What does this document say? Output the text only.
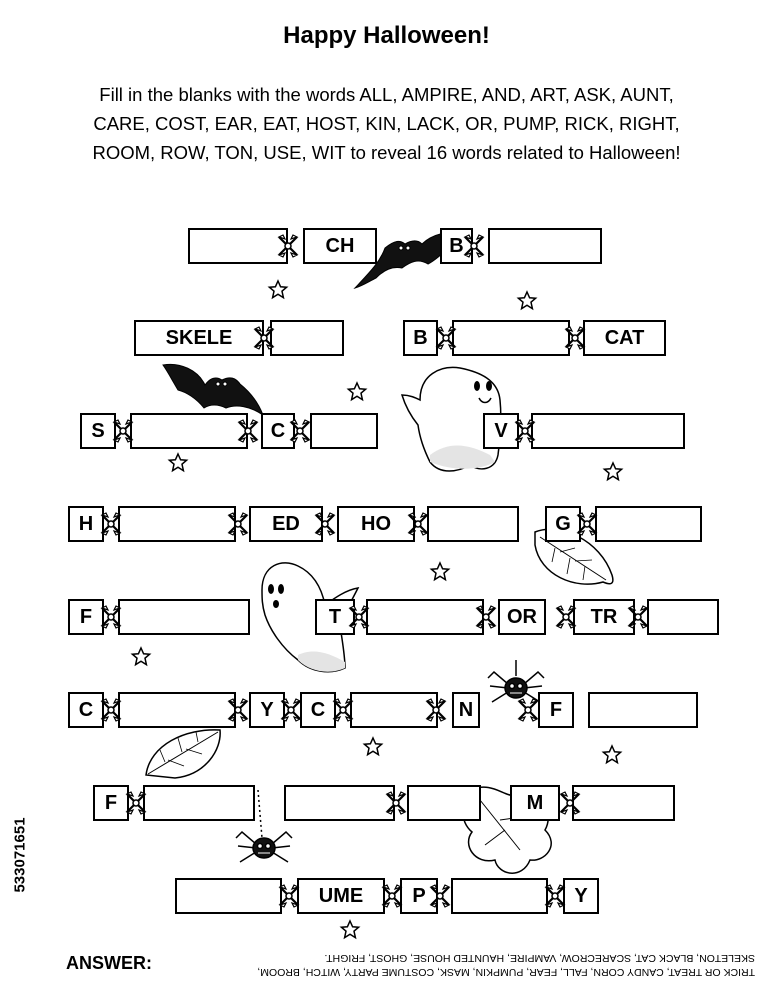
Happy Halloween!
Fill in the blanks with the words ALL, AMPIRE, AND, ART, ASK, AUNT, CARE, COST, EAR, EAT, HOST, KIN, LACK, OR, PUMP, RICK, RIGHT, ROOM, ROW, TON, USE, WIT to reveal 16 words related to Halloween!
CH	B
SKELE	B	CAT
S	C	V
H	ED	HO	G
F	T	OR	TR
C	Y	C	N	F
F	M
UME	P	Y
ANSWER:	TRICK OR TREAT, CANDY CORN, FALL, FEAR, PUMPKIN, MASK, COSTUME PARTY, WITCH, BROOM, SKELETON, BLACK CAT, SCARECROW, VAMPIRE, HAUNTED HOUSE, GHOST, FRIGHT.
533071651
